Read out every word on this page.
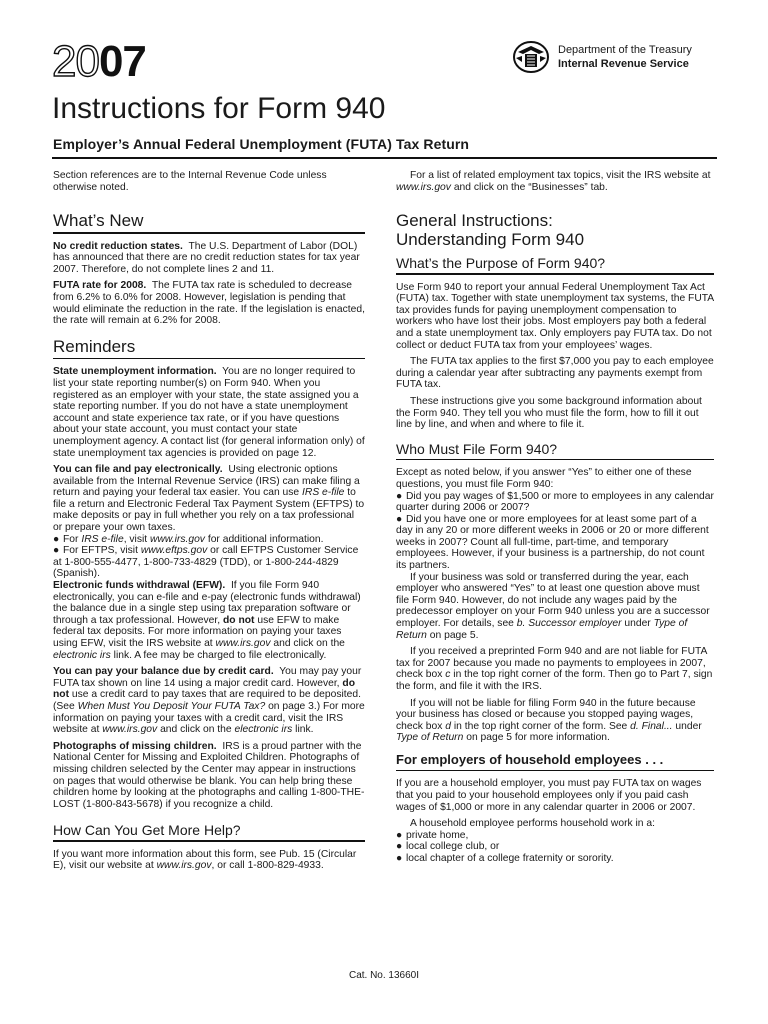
2007	Department of the Treasury
Internal Revenue Service
Instructions for Form 940
Employer’s Annual Federal Unemployment (FUTA) Tax Return

Section references are to the Internal Revenue Code unless otherwise noted.

What’s New

No credit reduction states. The U.S. Department of Labor (DOL) has announced that there are no credit reduction states for tax year 2007. Therefore, do not complete lines 2 and 11.

FUTA rate for 2008. The FUTA tax rate is scheduled to decrease from 6.2% to 6.0% for 2008. However, legislation is pending that would eliminate the reduction in the rate. If the legislation is enacted, the rate will remain at 6.2% for 2008.

Reminders

State unemployment information. You are no longer required to list your state reporting number(s) on Form 940. When you registered as an employer with your state, the state assigned you a state reporting number. If you do not have a state unemployment account and state experience tax rate, or if you have questions about your state account, you must contact your state unemployment agency. A contact list (for general information only) of state unemployment tax agencies is provided on page 12.

You can file and pay electronically. Using electronic options available from the Internal Revenue Service (IRS) can make filing a return and paying your federal tax easier. You can use IRS e-file to file a return and Electronic Federal Tax Payment System (EFTPS) to make deposits or pay in full whether you rely on a tax professional or prepare your own taxes.

● For IRS e-file, visit www.irs.gov for additional information.

● For EFTPS, visit www.eftps.gov or call EFTPS Customer Service at 1-800-555-4477, 1-800-733-4829 (TDD), or 1-800-244-4829 (Spanish).

Electronic funds withdrawal (EFW). If you file Form 940 electronically, you can e-file and e-pay (electronic funds withdrawal) the balance due in a single step using tax preparation software or through a tax professional. However, do not use EFW to make federal tax deposits. For more information on paying your taxes using EFW, visit the IRS website at www.irs.gov and click on the electronic irs link. A fee may be charged to file electronically.

You can pay your balance due by credit card. You may pay your FUTA tax shown on line 14 using a major credit card. However, do not use a credit card to pay taxes that are required to be deposited. (See When Must You Deposit Your FUTA Tax? on page 3.) For more information on paying your taxes with a credit card, visit the IRS website at www.irs.gov and click on the electronic irs link.

Photographs of missing children. IRS is a proud partner with the National Center for Missing and Exploited Children. Photographs of missing children selected by the Center may appear in instructions on pages that would otherwise be blank. You can help bring these children home by looking at the photographs and calling 1-800-THE-LOST (1-800-843-5678) if you recognize a child.

How Can You Get More Help?

If you want more information about this form, see Pub. 15 (Circular E), visit our website at www.irs.gov, or call 1-800-829-4933.

For a list of related employment tax topics, visit the IRS website at www.irs.gov and click on the “Businesses” tab.

General Instructions:
Understanding Form 940
What’s the Purpose of Form 940?

Use Form 940 to report your annual Federal Unemployment Tax Act (FUTA) tax. Together with state unemployment tax systems, the FUTA tax provides funds for paying unemployment compensation to workers who have lost their jobs. Most employers pay both a federal and a state unemployment tax. Only employers pay FUTA tax. Do not collect or deduct FUTA tax from your employees’ wages.

The FUTA tax applies to the first $7,000 you pay to each employee during a calendar year after subtracting any payments exempt from FUTA tax.

These instructions give you some background information about the Form 940. They tell you who must file the form, how to fill it out line by line, and when and where to file it.

Who Must File Form 940?

Except as noted below, if you answer “Yes” to either one of these questions, you must file Form 940:

● Did you pay wages of $1,500 or more to employees in any calendar quarter during 2006 or 2007?

● Did you have one or more employees for at least some part of a day in any 20 or more different weeks in 2006 or 20 or more different weeks in 2007? Count all full-time, part-time, and temporary employees. However, if your business is a partnership, do not count its partners.

If your business was sold or transferred during the year, each employer who answered “Yes” to at least one question above must file Form 940. However, do not include any wages paid by the predecessor employer on your Form 940 unless you are a successor employer. For details, see b. Successor employer under Type of Return on page 5.

If you received a preprinted Form 940 and are not liable for FUTA tax for 2007 because you made no payments to employees in 2007, check box c in the top right corner of the form. Then go to Part 7, sign the form, and file it with the IRS.

If you will not be liable for filing Form 940 in the future because your business has closed or because you stopped paying wages, check box d in the top right corner of the form. See d. Final... under Type of Return on page 5 for more information.

For employers of household employees . . .

If you are a household employer, you must pay FUTA tax on wages that you paid to your household employees only if you paid cash wages of $1,000 or more in any calendar quarter in 2006 or 2007.

A household employee performs household work in a:

● private home,
● local college club, or
● local chapter of a college fraternity or sorority.
Cat. No. 13660I
